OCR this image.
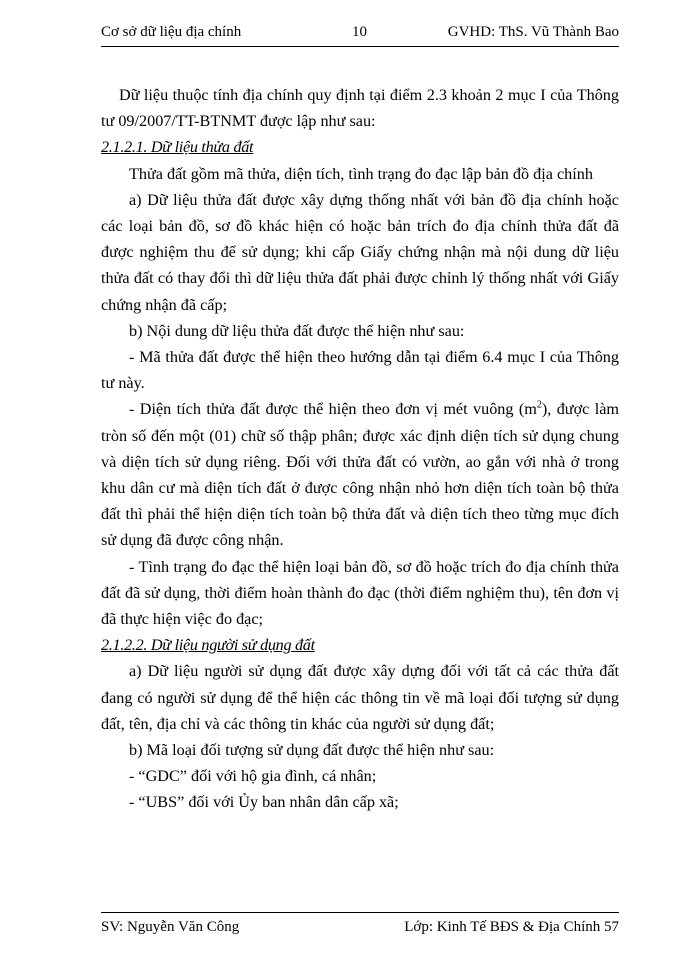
Cơ sở dữ liệu địa chính	10	GVHD: ThS. Vũ Thành Bao

Dữ liệu thuộc tính địa chính quy định tại điểm 2.3 khoản 2 mục I của Thông tư 09/2007/TT-BTNMT được lập như sau:

2.1.2.1. Dữ liệu thửa đất

Thửa đất gồm mã thửa, diện tích, tình trạng đo đạc lập bản đồ địa chính

a) Dữ liệu thửa đất được xây dựng thống nhất với bản đồ địa chính hoặc các loại bản đồ, sơ đồ khác hiện có hoặc bản trích đo địa chính thửa đất đã được nghiệm thu để sử dụng; khi cấp Giấy chứng nhận mà nội dung dữ liệu thửa đất có thay đổi thì dữ liệu thửa đất phải được chỉnh lý thống nhất với Giấy chứng nhận đã cấp;

b) Nội dung dữ liệu thửa đất được thể hiện như sau:

- Mã thửa đất được thể hiện theo hướng dẫn tại điểm 6.4 mục I của Thông tư này.

- Diện tích thửa đất được thể hiện theo đơn vị mét vuông $(m^2)$, được làm tròn số đến một (01) chữ số thập phân; được xác định diện tích sử dụng chung và diện tích sử dụng riêng. Đối với thửa đất có vườn, ao gắn với nhà ở trong khu dân cư mà diện tích đất ở được công nhận nhỏ hơn diện tích toàn bộ thửa đất thì phải thể hiện diện tích toàn bộ thửa đất và diện tích theo từng mục đích sử dụng đã được công nhận.

- Tình trạng đo đạc thể hiện loại bản đồ, sơ đồ hoặc trích đo địa chính thửa đất đã sử dụng, thời điểm hoàn thành đo đạc (thời điểm nghiệm thu), tên đơn vị đã thực hiện việc đo đạc;

2.1.2.2. Dữ liệu người sử dụng đất

a) Dữ liệu người sử dụng đất được xây dựng đối với tất cả các thửa đất đang có người sử dụng để thể hiện các thông tin về mã loại đối tượng sử dụng đất, tên, địa chỉ và các thông tin khác của người sử dụng đất;

b) Mã loại đối tượng sử dụng đất được thể hiện như sau:

- “GDC” đối với hộ gia đình, cá nhân;

- “UBS” đối với Ủy ban nhân dân cấp xã;

SV: Nguyễn Văn Công	Lớp: Kinh Tế BĐS & Địa Chính 57
